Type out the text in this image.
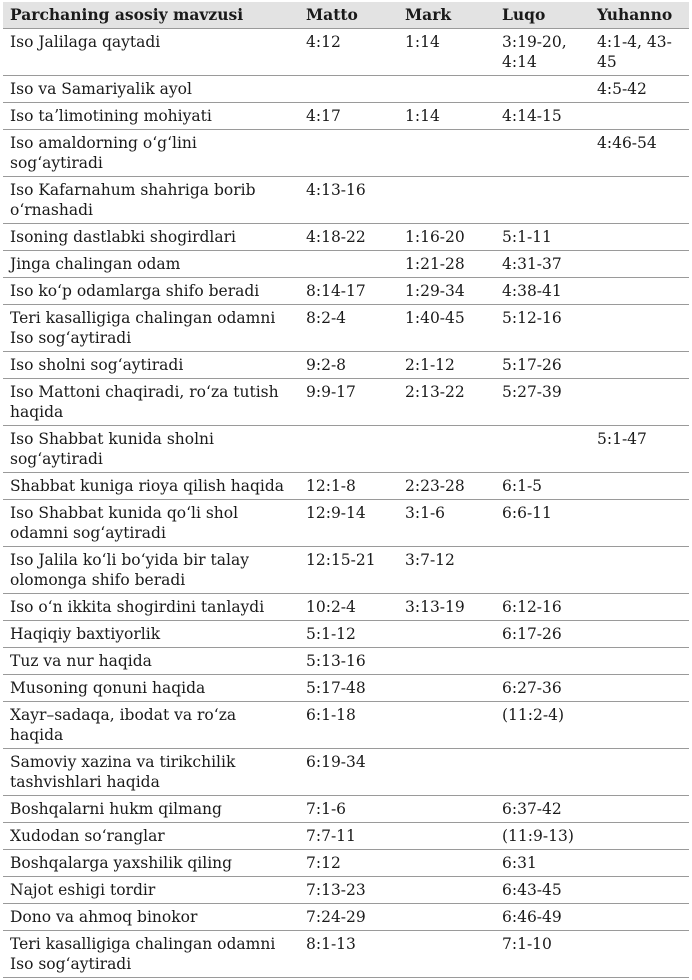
Parchaning asosiy mavzusi	Matto	Mark	Luqo	Yuhanno
Iso Jalilaga qaytadi	4:12	1:14	3:19-20, 4:14	4:1-4, 43-45
Iso va Samariyalik ayol				4:5-42
Iso taʼlimotining mohiyati	4:17	1:14	4:14-15	
Iso amaldorning oʻgʻlini sogʻaytiradi				4:46-54
Iso Kafarnahum shahriga borib oʻrnashadi	4:13-16			
Isoning dastlabki shogirdlari	4:18-22	1:16-20	5:1-11	
Jinga chalingan odam		1:21-28	4:31-37	
Iso koʻp odamlarga shifo beradi	8:14-17	1:29-34	4:38-41	
Teri kasalligiga chalingan odamni Iso sogʻaytiradi	8:2-4	1:40-45	5:12-16	
Iso sholni sogʻaytiradi	9:2-8	2:1-12	5:17-26	
Iso Mattoni chaqiradi, roʻza tutish haqida	9:9-17	2:13-22	5:27-39	
Iso Shabbat kunida sholni sogʻaytiradi				5:1-47
Shabbat kuniga rioya qilish haqida	12:1-8	2:23-28	6:1-5	
Iso Shabbat kunida qoʻli shol odamni sogʻaytiradi	12:9-14	3:1-6	6:6-11	
Iso Jalila koʻli boʻyida bir talay olomonga shifo beradi	12:15-21	3:7-12		
Iso oʻn ikkita shogirdini tanlaydi	10:2-4	3:13-19	6:12-16	
Haqiqiy baxtiyorlik	5:1-12		6:17-26	
Tuz va nur haqida	5:13-16			
Musoning qonuni haqida	5:17-48		6:27-36	
Xayr–sadaqa, ibodat va roʻza haqida	6:1-18		(11:2-4)	
Samoviy xazina va tirikchilik tashvishlari haqida	6:19-34			
Boshqalarni hukm qilmang	7:1-6		6:37-42	
Xudodan soʻranglar	7:7-11		(11:9-13)	
Boshqalarga yaxshilik qiling	7:12		6:31	
Najot eshigi tordir	7:13-23		6:43-45	
Dono va ahmoq binokor	7:24-29		6:46-49	
Teri kasalligiga chalingan odamni Iso sogʻaytiradi	8:1-13		7:1-10	
